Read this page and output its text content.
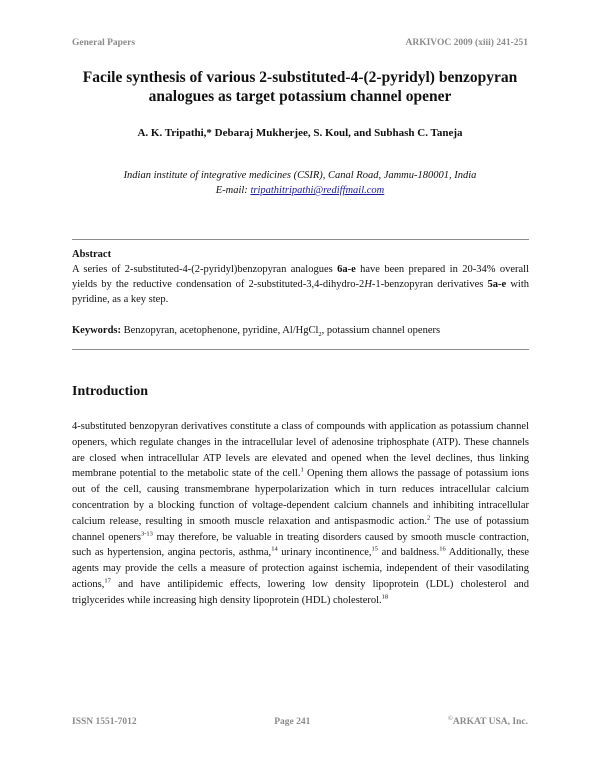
General Papers	ARKIVOC 2009 (xiii) 241-251
Facile synthesis of various 2-substituted-4-(2-pyridyl) benzopyran
analogues as target potassium channel opener
A. K. Tripathi,* Debaraj Mukherjee, S. Koul, and Subhash C. Taneja
Indian institute of integrative medicines (CSIR), Canal Road, Jammu-180001, India
E-mail: tripathitripathi@rediffmail.com
Abstract
A series of 2-substituted-4-(2-pyridyl)benzopyran analogues 6a-e have been prepared in 20-34% overall yields by the reductive condensation of 2-substituted-3,4-dihydro-2H-1-benzopyran derivatives 5a-e with pyridine, as a key step.
Keywords: Benzopyran, acetophenone, pyridine, Al/HgCl$_2$, potassium channel openers
Introduction
4-substituted benzopyran derivatives constitute a class of compounds with application as potassium channel openers, which regulate changes in the intracellular level of adenosine triphosphate (ATP). These channels are closed when intracellular ATP levels are elevated and opened when the level declines, thus linking membrane potential to the metabolic state of the cell.$^1$ Opening them allows the passage of potassium ions out of the cell, causing transmembrane hyperpolarization which in turn reduces intracellular calcium concentration by a blocking function of voltage-dependent calcium channels and inhibiting intracellular calcium release, resulting in smooth muscle relaxation and antispasmodic action.$^2$ The use of potassium channel openers$^{3-13}$ may therefore, be valuable in treating disorders caused by smooth muscle contraction, such as hypertension, angina pectoris, asthma,$^{14}$ urinary incontinence,$^{15}$ and baldness.$^{16}$ Additionally, these agents may provide the cells a measure of protection against ischemia, independent of their vasodilating actions,$^{17}$ and have antilipidemic effects, lowering low density lipoprotein (LDL) cholesterol and triglycerides while increasing high density lipoprotein (HDL) cholesterol.$^{18}$
ISSN 1551-7012	Page 241	©ARKAT USA, Inc.
